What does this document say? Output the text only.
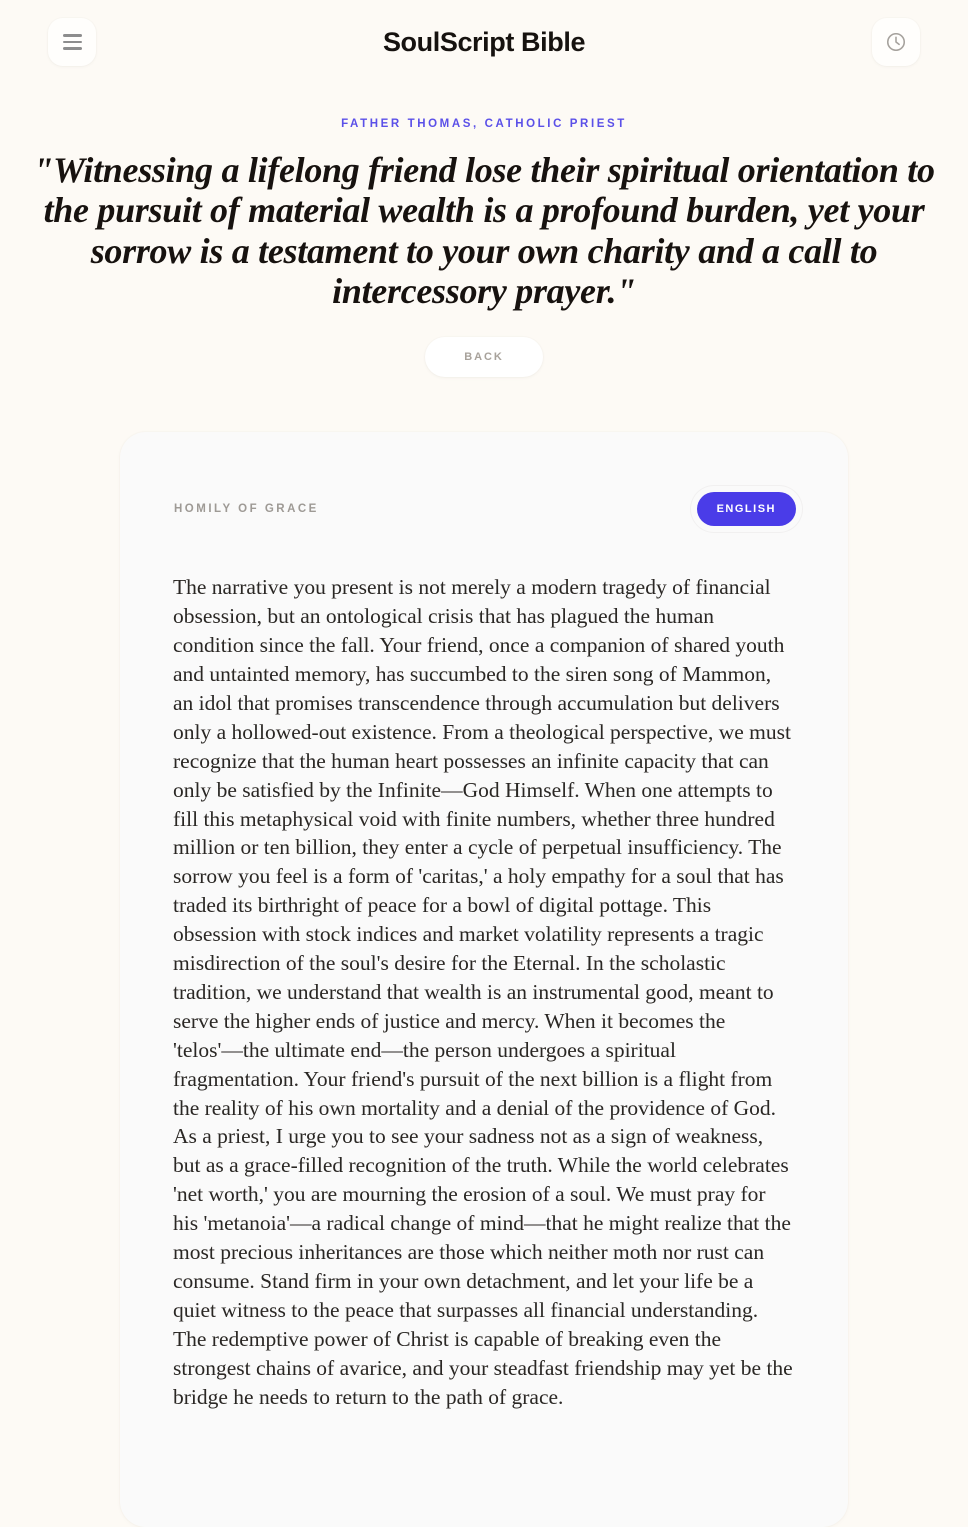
SoulScript Bible
FATHER THOMAS, CATHOLIC PRIEST
"Witnessing a lifelong friend lose their spiritual orientation to the pursuit of material wealth is a profound burden, yet your sorrow is a testament to your own charity and a call to intercessory prayer."
BACK
HOMILY OF GRACE	ENGLISH
The narrative you present is not merely a modern tragedy of financial obsession, but an ontological crisis that has plagued the human condition since the fall. Your friend, once a companion of shared youth and untainted memory, has succumbed to the siren song of Mammon, an idol that promises transcendence through accumulation but delivers only a hollowed-out existence. From a theological perspective, we must recognize that the human heart possesses an infinite capacity that can only be satisfied by the Infinite—God Himself. When one attempts to fill this metaphysical void with finite numbers, whether three hundred million or ten billion, they enter a cycle of perpetual insufficiency. The sorrow you feel is a form of 'caritas,' a holy empathy for a soul that has traded its birthright of peace for a bowl of digital pottage. This obsession with stock indices and market volatility represents a tragic misdirection of the soul's desire for the Eternal. In the scholastic tradition, we understand that wealth is an instrumental good, meant to serve the higher ends of justice and mercy. When it becomes the 'telos'—the ultimate end—the person undergoes a spiritual fragmentation. Your friend's pursuit of the next billion is a flight from the reality of his own mortality and a denial of the providence of God. As a priest, I urge you to see your sadness not as a sign of weakness, but as a grace-filled recognition of the truth. While the world celebrates 'net worth,' you are mourning the erosion of a soul. We must pray for his 'metanoia'—a radical change of mind—that he might realize that the most precious inheritances are those which neither moth nor rust can consume. Stand firm in your own detachment, and let your life be a quiet witness to the peace that surpasses all financial understanding. The redemptive power of Christ is capable of breaking even the strongest chains of avarice, and your steadfast friendship may yet be the bridge he needs to return to the path of grace.
